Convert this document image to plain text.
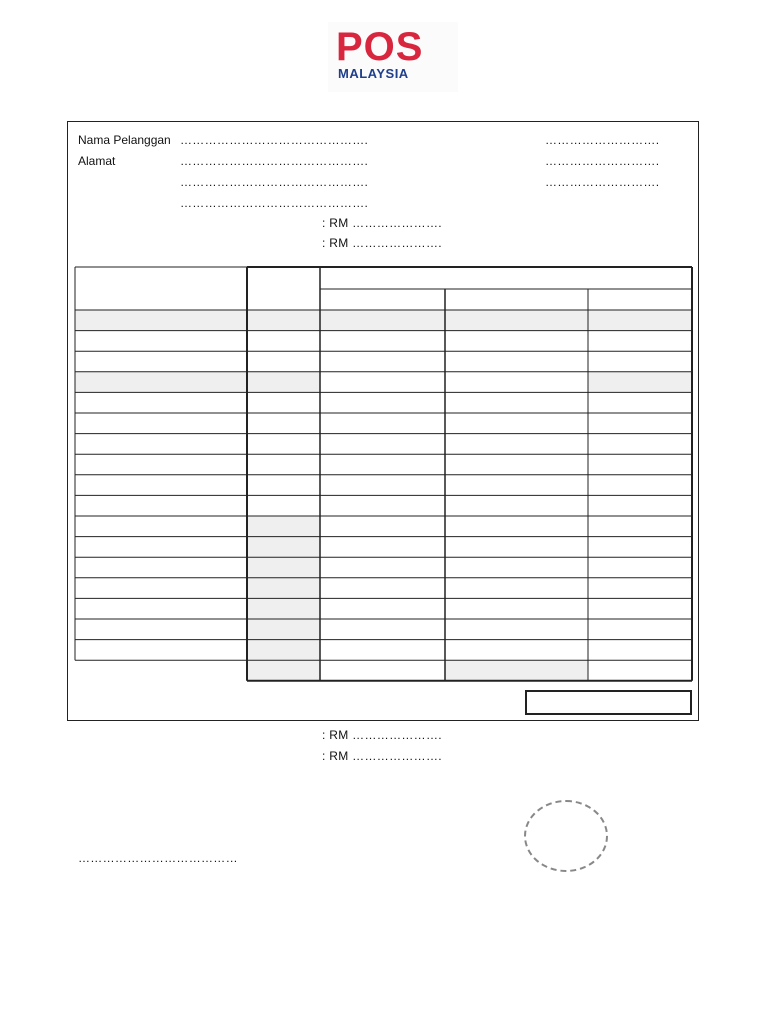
POS
MALAYSIA
Nama Pelanggan ……………………………………….
Alamat	……………………………………….
……………………………………….
……………………………………….
……………………….
……………………….
……………………….
: RM ………………….
: RM ………………….
: RM ………………….
: RM ………………….
…………………………………
